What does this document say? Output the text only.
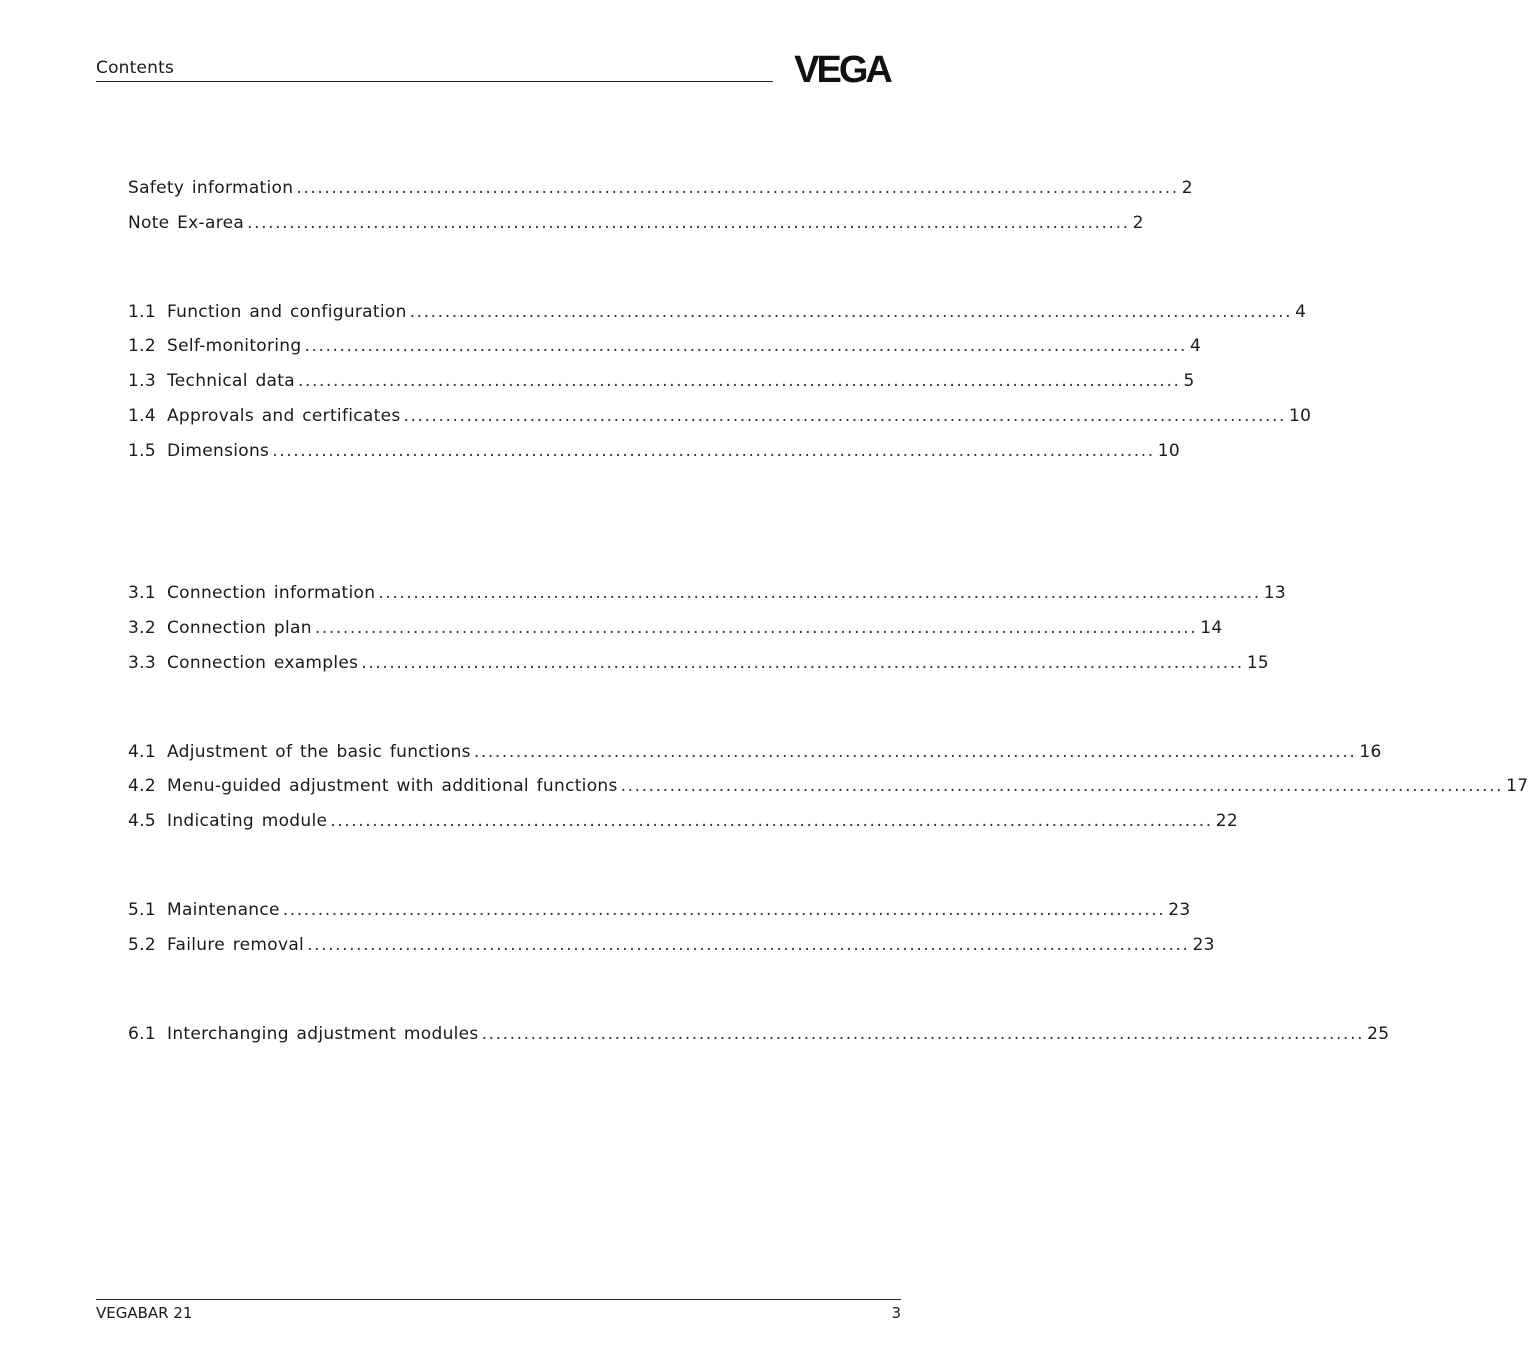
Contents	VEGA
Safety information .............................................................................................................................. 2
Note Ex-area .............................................................................................................................. 2
1.1 Function and configuration .............................................................................................................................. 4
1.2 Self-monitoring .............................................................................................................................. 4
1.3 Technical data .............................................................................................................................. 5
1.4 Approvals and certificates .............................................................................................................................. 10
1.5 Dimensions .............................................................................................................................. 10
3.1 Connection information .............................................................................................................................. 13
3.2 Connection plan .............................................................................................................................. 14
3.3 Connection examples .............................................................................................................................. 15
4.1 Adjustment of the basic functions .............................................................................................................................. 16
4.2 Menu-guided adjustment with additional functions .............................................................................................................................. 17
4.5 Indicating module .............................................................................................................................. 22
5.1 Maintenance .............................................................................................................................. 23
5.2 Failure removal .............................................................................................................................. 23
6.1 Interchanging adjustment modules .............................................................................................................................. 25
VEGABAR 21	3
